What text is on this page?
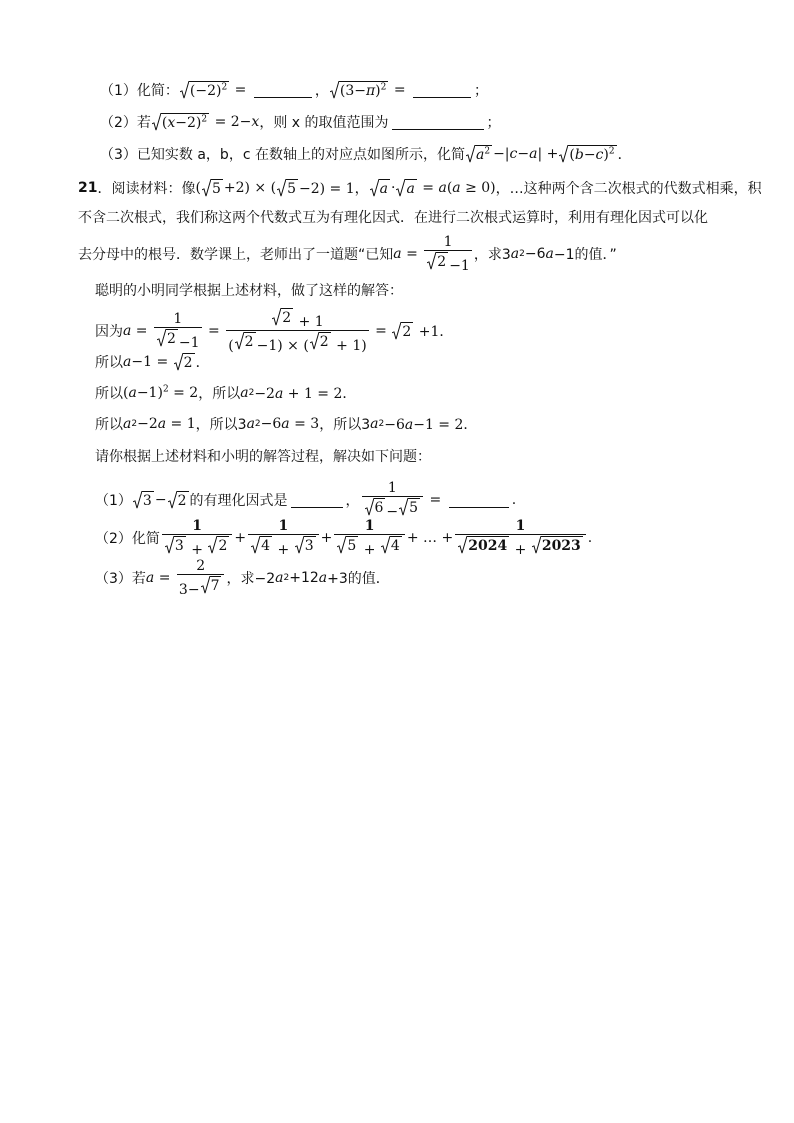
（1）化简： $(-2)^2$ =	， $(3-\pi)^2$ =	；
（2）若 $(x-2)^2 = 2-x$ ，则 x 的取值范围为	；
（3）已知实数 a，b，c 在数轴上的对应点如图所示，化简 $a^2 -|c-a| + (b-c)^2$ ．
21 ．阅读材料：像 ( 5 +2) × ( 5 −2) = 1， a · a = a(a ≥ 0) ，…这种两个含二次根式的代数式相乘，积
不含二次根式，我们称这两个代数式互为有理化因式．在进行二次根式运算时，利用有理化因式可以化
去分母中的根号．数学课上，老师出了一道题“已知 $a = \frac{1}{2 -1}$ ，求3 a 2 −6 a −1的值．”
聪明的小明同学根据上述材料，做了这样的解答：
因为 $a = \frac{1}{2 -1} = \frac{2 + 1}{( 2 -1) \times ( 2 + 1)} = 2 +1$．
所以 a −1 = 2 ．
所以 $(a-1)^2 = 2$ ，所以 a 2 −2a + 1 = 2．
所以 a 2 −2a = 1 ，所以3 a 2 −6a = 3 ，所以3 a 2 −6a−1 = 2．
请你根据上述材料和小明的解答过程，解决如下问题：
（1） 3 − 2 的有理化因式是	， $\frac{1}{6 - 5}$ =	.
（2）化简 $\frac{1}{3 + 2} + \frac{1}{4 + 3} + \frac{1}{5 + 4}$ + … + $\frac{1}{2024 + 2023}$ .
（3）若 $a = \frac{2}{3- 7}$ ，求−2 a 2 +12 a +3的值．
